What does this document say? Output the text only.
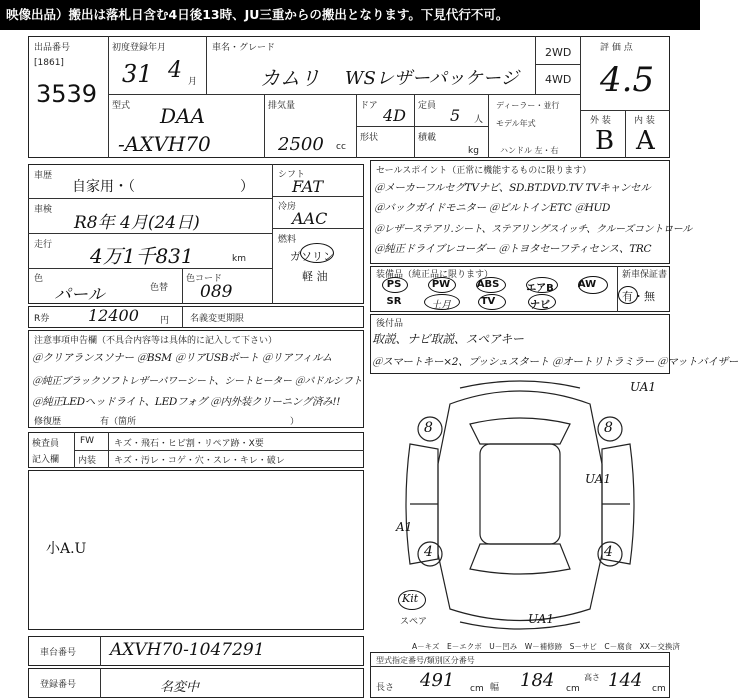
映像出品）搬出は落札日含む4日後13時、JU三重からの搬出となります。下見代行不可。
出品番号
[1861]
3539
初度登録年月
31 4 月
車名・グレード
カムリ WSレザーパッケージ
2WD
4WD
評 価 点
4.5
型式 DAA
-AXVH70
排気量
2500 cc
ドア 4D
形状
定員 5 人
積載
kg
ディーラー・並行
モデル年式
ハンドル 左・右
外 装	内 装
B A
車歴
自家用・（	）
車検
R8年 4月(24日)
走行 4万1千831	km
色
パール	色替
色コード
089
シフト
FAT
冷房
AAC
燃料
ガソリン
軽 油
セールスポイント（正常に機能するものに限ります）
＠メーカーフルセグTVナビ、SD.BT.DVD.TV TVキャンセル
＠バックガイドモニター ＠ビルトインETC ＠HUD
＠レザーステアリ.シート、ステアリングスイッチ、クルーズコントロール
＠純正ドライブレコーダー ＠トヨタセーフティセンス、TRC
装備品（純正品に限ります）	新車保証書
有・無
PS	PW	ABS	エアB	AW
SR	土月	TV	ナビ
R券 12400 円 名義変更期限	後付品
注意事項申告欄（不具合内容等は具体的に記入して下さい）
＠クリアランスソナー ＠BSM ＠リアUSBポート ＠リアフィルム
＠純正ブラックソフトレザーパワーシート、シートヒーター ＠パドルシフト
＠純正LEDヘッドライト、LEDフォグ ＠内外装クリーニング済み!!
修復歴	有（箇所	）
取説、ナビ取説、スペアキー
＠スマートキー×2、プッシュスタート ＠オートリトラミラー ＠マットバイザー
検査員
記入欄
FW キズ・飛石・ヒビ割・リペア跡・X要
内装 キズ・汚レ・コゲ・穴・スレ・キレ・破レ
小A.U
UA1
UA1
A1
UA1
8	8
4	4
Kit
スペア
A－キズ　E－エクボ　U－凹み　W－補修跡　S－サビ　C－腐食　XX－交換済
車台番号 AXVH70-1047291
登録番号	名変中
型式指定番号/類別区分番号
長さ 491 cm 幅 184 cm
高さ 144 cm
